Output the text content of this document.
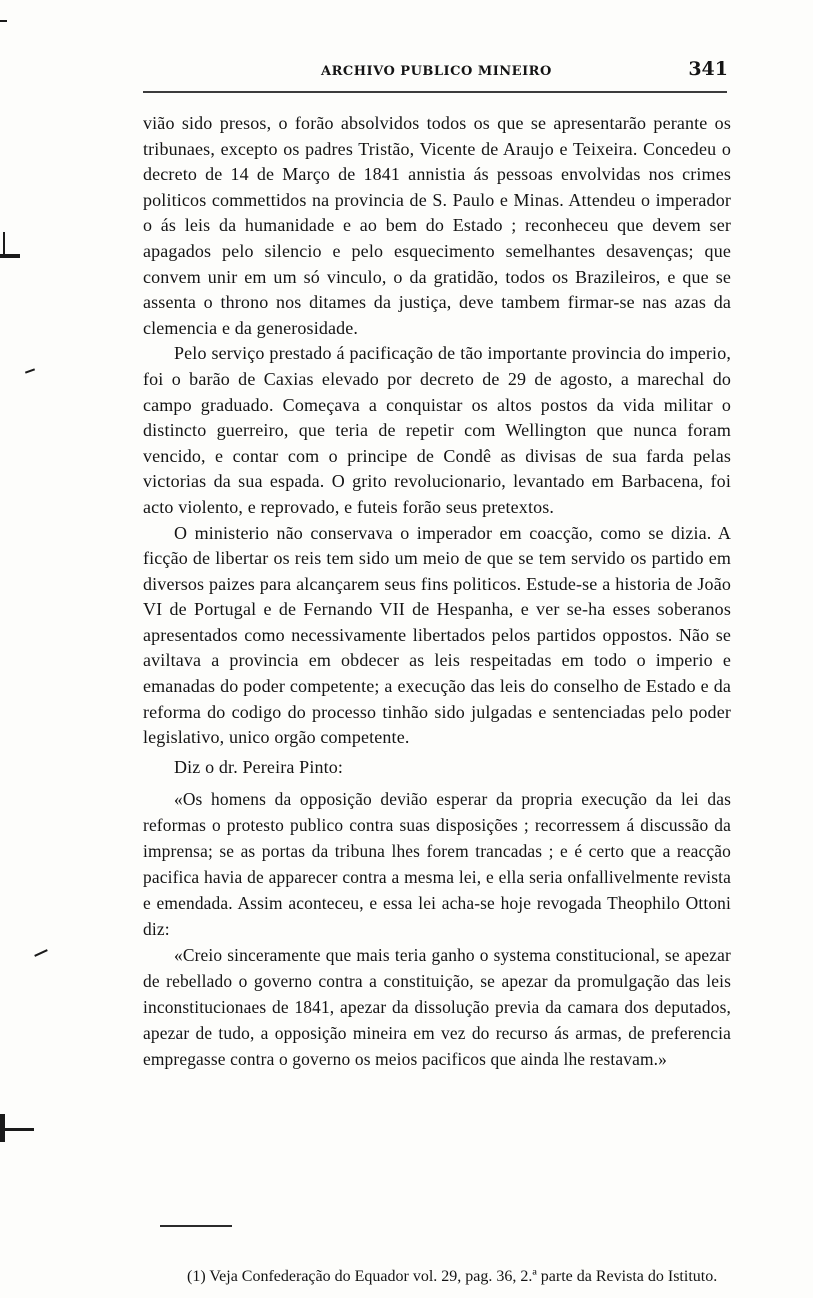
ARCHIVO PUBLICO MINEIRO	341

vião sido presos, o forão absolvidos todos os que se apresentarão perante os tribunaes, excepto os padres Tristão, Vicente de Araujo e Teixeira. Concedeu o decreto de 14 de Março de 1841 annistia ás pessoas envolvidas nos crimes politicos commettidos na provincia de S. Paulo e Minas. Attendeu o imperador o ás leis da humanidade e ao bem do Estado ; reconheceu que devem ser apagados pelo silencio e pelo esquecimento semelhantes desavenças; que convem unir em um só vinculo, o da gratidão, todos os Brazileiros, e que se assenta o throno nos ditames da justiça, deve tambem firmar-se nas azas da clemencia e da generosidade.

Pelo serviço prestado á pacificação de tão importante provincia do imperio, foi o barão de Caxias elevado por decreto de 29 de agosto, a marechal do campo graduado. Começava a conquistar os altos postos da vida militar o distincto guerreiro, que teria de repetir com Wellington que nunca foram vencido, e contar com o principe de Condê as divisas de sua farda pelas victorias da sua espada. O grito revolucionario, levantado em Barbacena, foi acto violento, e reprovado, e futeis forão seus pretextos.

O ministerio não conservava o imperador em coacção, como se dizia. A ficção de libertar os reis tem sido um meio de que se tem servido os partido em diversos paizes para alcançarem seus fins politicos. Estude-se a historia de João VI de Portugal e de Fernando VII de Hespanha, e ver se-ha esses soberanos apresentados como necessivamente libertados pelos partidos oppostos. Não se aviltava a provincia em obdecer as leis respeitadas em todo o imperio e emanadas do poder competente; a execução das leis do conselho de Estado e da reforma do codigo do processo tinhão sido julgadas e sentenciadas pelo poder legislativo, unico orgão competente.

Diz o dr. Pereira Pinto:

«Os homens da opposição devião esperar da propria execução da lei das reformas o protesto publico contra suas disposições ; recorressem á discussão da imprensa; se as portas da tribuna lhes forem trancadas ; e é certo que a reacção pacifica havia de apparecer contra a mesma lei, e ella seria onfallivelmente revista e emendada. Assim aconteceu, e essa lei acha-se hoje revogada Theophilo Ottoni diz:

«Creio sinceramente que mais teria ganho o systema constitucional, se apezar de rebellado o governo contra a constituição, se apezar da promulgação das leis inconstitucionaes de 1841, apezar da dissolução previa da camara dos deputados, apezar de tudo, a opposição mineira em vez do recurso ás armas, de preferencia empregasse contra o governo os meios pacificos que ainda lhe restavam.»

(1) Veja Confederação do Equador vol. 29, pag. 36, 2.ª parte da Revista do Istituto.
